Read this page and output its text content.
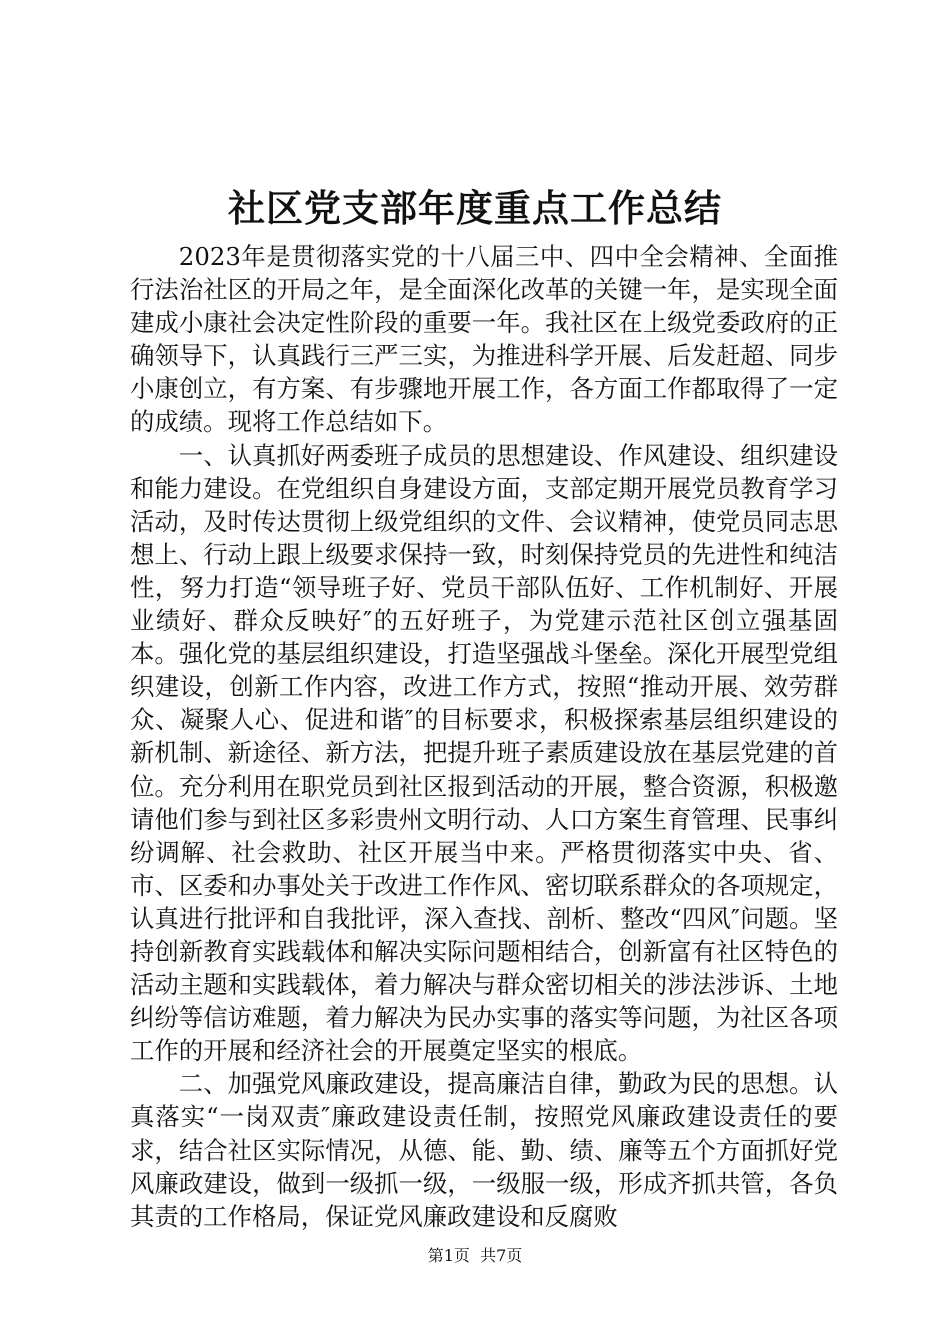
社区党支部年度重点工作总结

2023年是贯彻落实党的十八届三中、四中全会精神、全面推行法治社区的开局之年，是全面深化改革的关键一年，是实现全面建成小康社会决定性阶段的重要一年。我社区在上级党委政府的正确领导下，认真践行三严三实，为推进科学开展、后发赶超、同步小康创立，有方案、有步骤地开展工作，各方面工作都取得了一定的成绩。现将工作总结如下。

一、认真抓好两委班子成员的思想建设、作风建设、组织建设和能力建设。在党组织自身建设方面，支部定期开展党员教育学习活动，及时传达贯彻上级党组织的文件、会议精神，使党员同志思想上、行动上跟上级要求保持一致，时刻保持党员的先进性和纯洁性，努力打造“领导班子好、党员干部队伍好、工作机制好、开展业绩好、群众反映好″的五好班子，为党建示范社区创立强基固本。强化党的基层组织建设，打造坚强战斗堡垒。深化开展型党组织建设，创新工作内容，改进工作方式，按照“推动开展、效劳群众、凝聚人心、促进和谐″的目标要求，积极探索基层组织建设的新机制、新途径、新方法，把提升班子素质建设放在基层党建的首位。充分利用在职党员到社区报到活动的开展，整合资源，积极邀请他们参与到社区多彩贵州文明行动、人口方案生育管理、民事纠纷调解、社会救助、社区开展当中来。严格贯彻落实中央、省、市、区委和办事处关于改进工作作风、密切联系群众的各项规定，认真进行批评和自我批评，深入查找、剖析、整改“四风″问题。坚持创新教育实践载体和解决实际问题相结合，创新富有社区特色的活动主题和实践载体，着力解决与群众密切相关的涉法涉诉、土地纠纷等信访难题，着力解决为民办实事的落实等问题，为社区各项工作的开展和经济社会的开展奠定坚实的根底。

二、加强党风廉政建设，提高廉洁自律，勤政为民的思想。认真落实“一岗双责″廉政建设责任制，按照党风廉政建设责任的要求，结合社区实际情况，从德、能、勤、绩、廉等五个方面抓好党风廉政建设，做到一级抓一级，一级服一级，形成齐抓共管，各负其责的工作格局，保证党风廉政建设和反腐败

第1页  共7页
